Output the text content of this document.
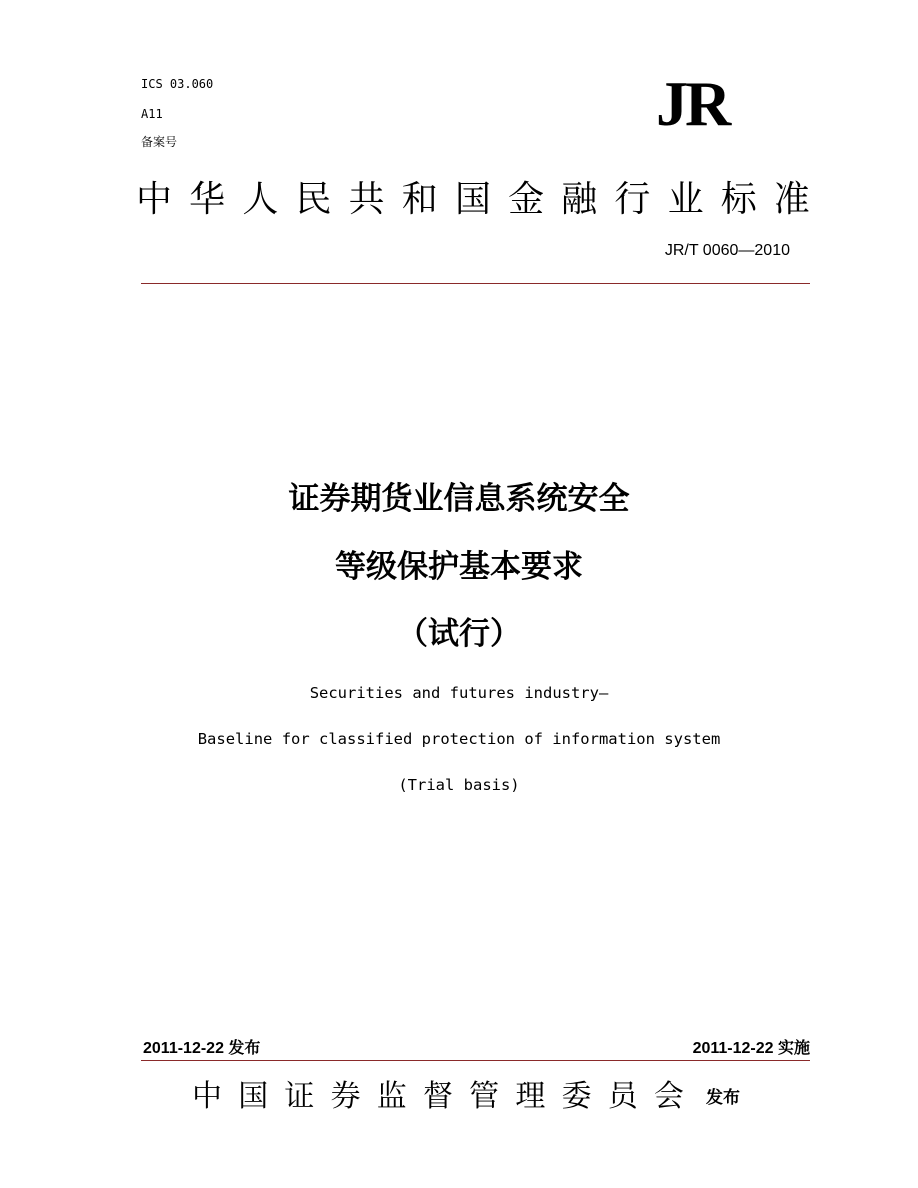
ICS 03.060
A11
备案号
JR
中 华 人 民 共 和 国 金 融 行 业 标 准
JR/T 0060—2010
证券期货业信息系统安全
等级保护基本要求
（试行）
Securities and futures industry—
Baseline for classified protection of information system
(Trial basis)
2011-12-22 发布	2011-12-22 实施
中 国 证 券 监 督 管 理 委 员 会 发布
